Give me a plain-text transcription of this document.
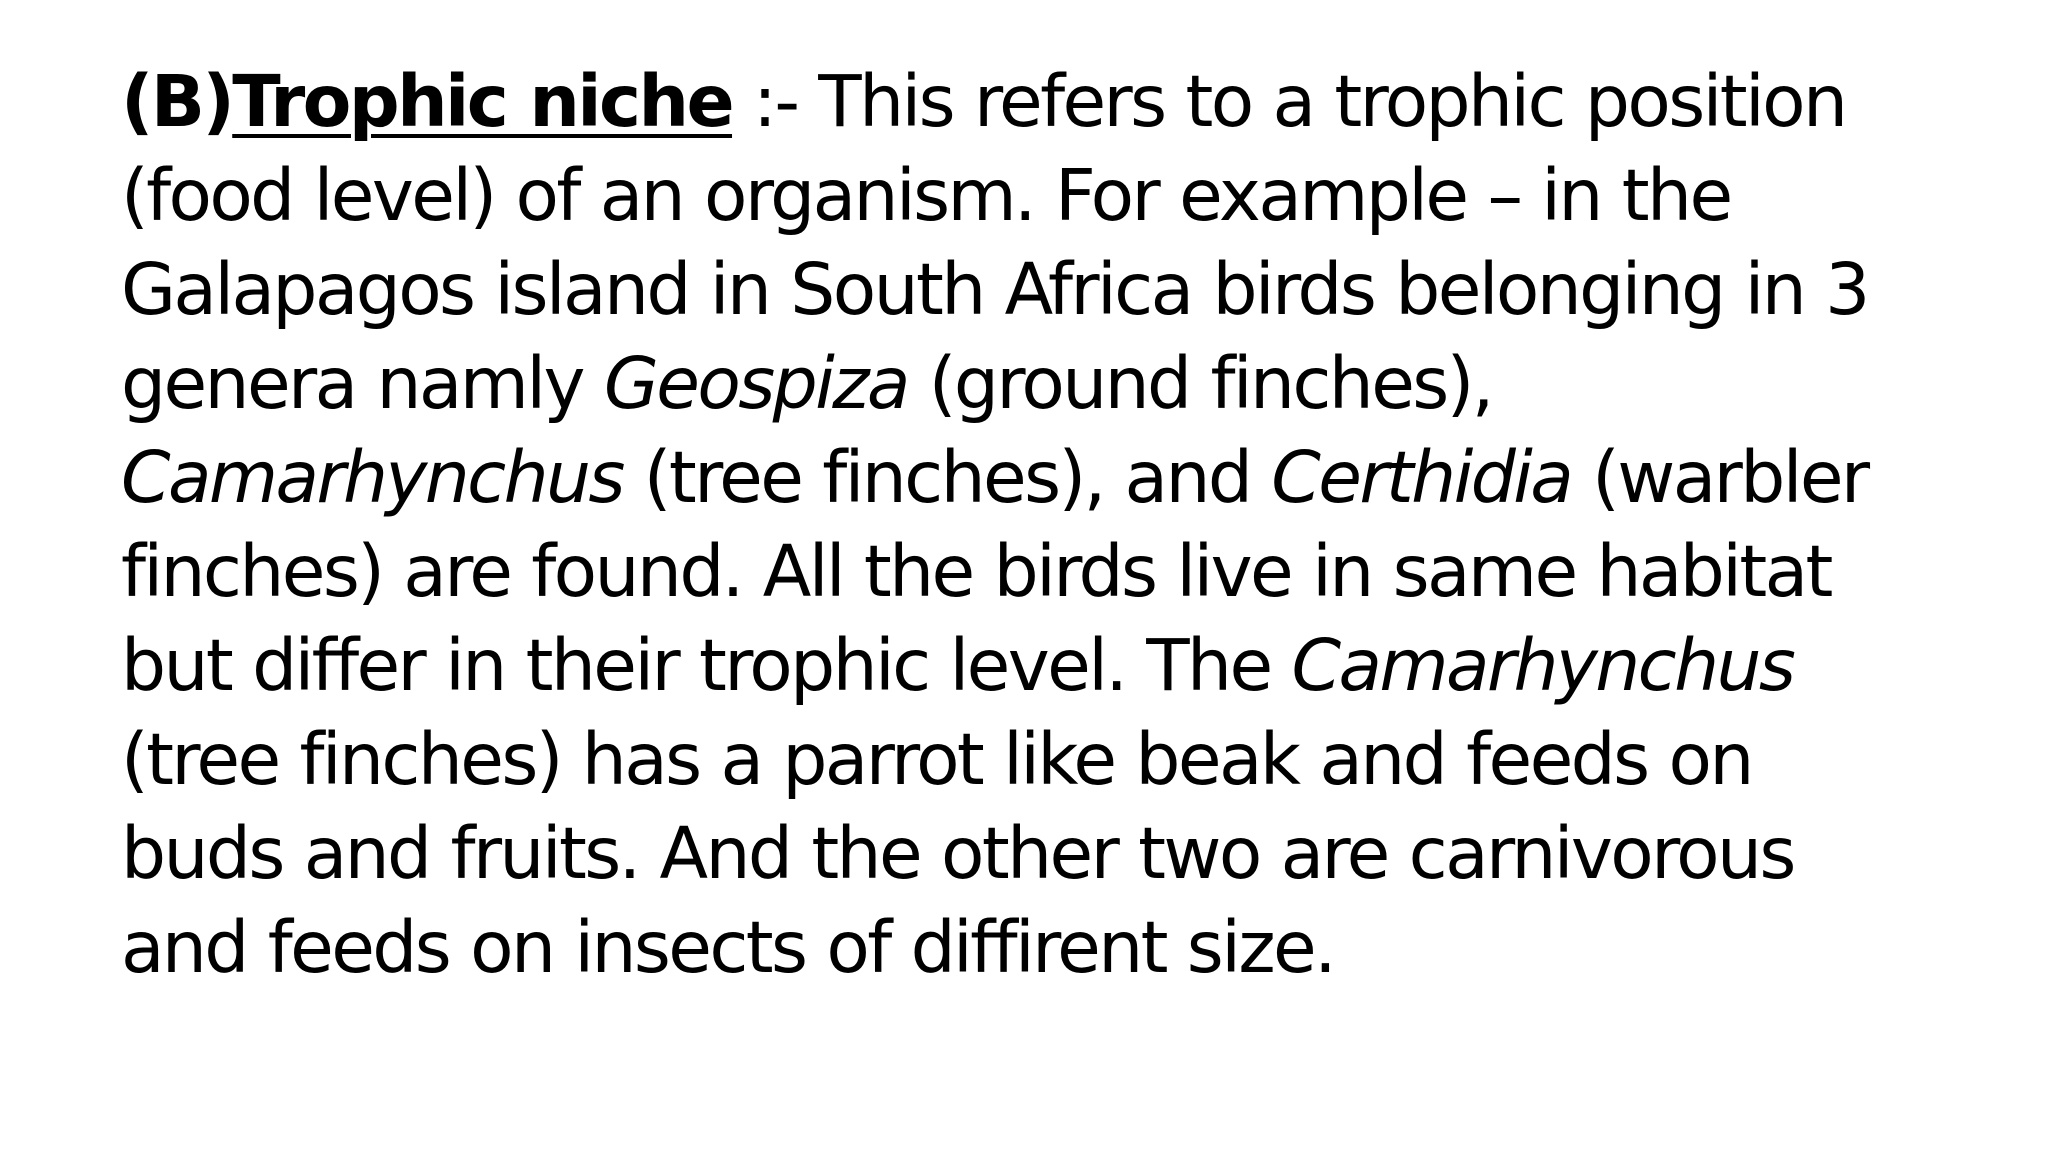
(B)Trophic niche :- This refers to a trophic position
(food level) of an organism. For example – in the
Galapagos island in South Africa birds belonging in 3
genera namly Geospiza (ground finches),
Camarhynchus (tree finches), and Certhidia (warbler
finches) are found. All the birds live in same habitat
but differ in their trophic level. The Camarhynchus
(tree finches) has a parrot like beak and feeds on
buds and fruits. And the other two are carnivorous
and feeds on insects of diffirent size.
